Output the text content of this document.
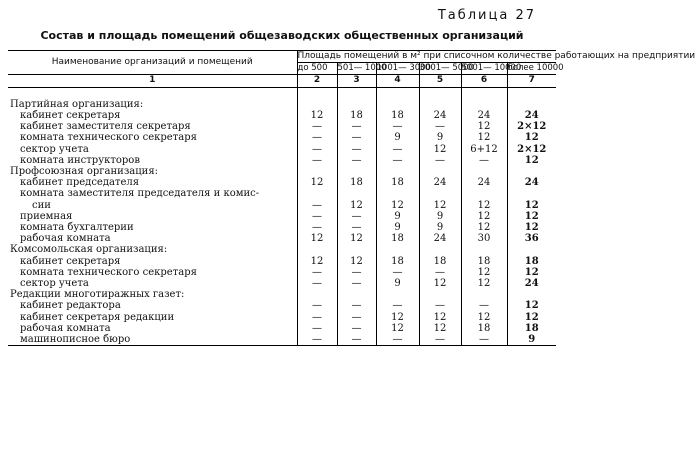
Таблица 27
Состав и площадь помещений общезаводских общественных организаций
Наименование организаций и помещений	Площадь помещений в м² при списочном количестве работающих на предприятии					
	до 500	501— 1000	1001— 3000	3001— 5000	5001— 10000	более 10000
1	2	3	4	5	6	7

Партийная организация:						
кабинет секретаря	12	18	18	24	24	24
кабинет заместителя секретаря	—	—	—	—	12	2×12
комната технического секретаря	—	—	9	9	12	12
сектор учета	—	—	—	12	6+12	2×12
комната инструкторов	—	—	—	—	—	12
Профсоюзная организация:						
кабинет председателя	12	18	18	24	24	24
комната заместителя председателя и комис-						
сии	—	12	12	12	12	12
приемная	—	—	9	9	12	12
комната бухгалтерии	—	—	9	9	12	12
рабочая комната	12	12	18	24	30	36
Комсомольская организация:						
кабинет секретаря	12	12	18	18	18	18
комната технического секретаря	—	—	—	—	12	12
сектор учета	—	—	9	12	12	24
Редакции многотиражных газет:						
кабинет редактора	—	—	—	—	—	12
кабинет секретаря редакции	—	—	12	12	12	12
рабочая комната	—	—	12	12	18	18
машинописное бюро	—	—	—	—	—	9
